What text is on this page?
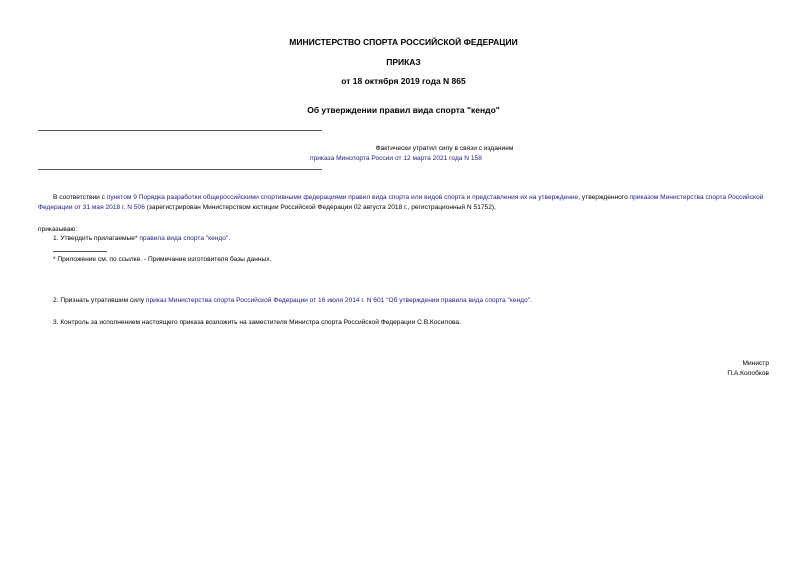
МИНИСТЕРСТВО СПОРТА РОССИЙСКОЙ ФЕДЕРАЦИИ
ПРИКАЗ
от 18 октября 2019 года N 865
Об утверждении правил вида спорта "кендо"
Фактически утратил силу в связи с изданием
приказа Минспорта России от 12 марта 2021 года N 158
В соответствии с пунктом 9 Порядка разработки общероссийскими спортивными федерациями правил вида спорта или видов спорта и представления их на утверждение, утвержденного приказом Министерства спорта Российской Федерации от 31 мая 2018 г. N 506 (зарегистрирован Министерством юстиции Российской Федерации 02 августа 2018 г., регистрационный N 51752),
приказываю:
1. Утвердить прилагаемые* правила вида спорта "кендо".
* Приложение см. по ссылке. - Примечание изготовителя базы данных.
2. Признать утратившим силу приказ Министерства спорта Российской Федерации от 16 июля 2014 г. N 601 "Об утверждении правила вида спорта "кендо".
3. Контроль за исполнением настоящего приказа возложить на заместителя Министра спорта Российской Федерации С.В.Косилова.
Министр
П.А.Колобков
